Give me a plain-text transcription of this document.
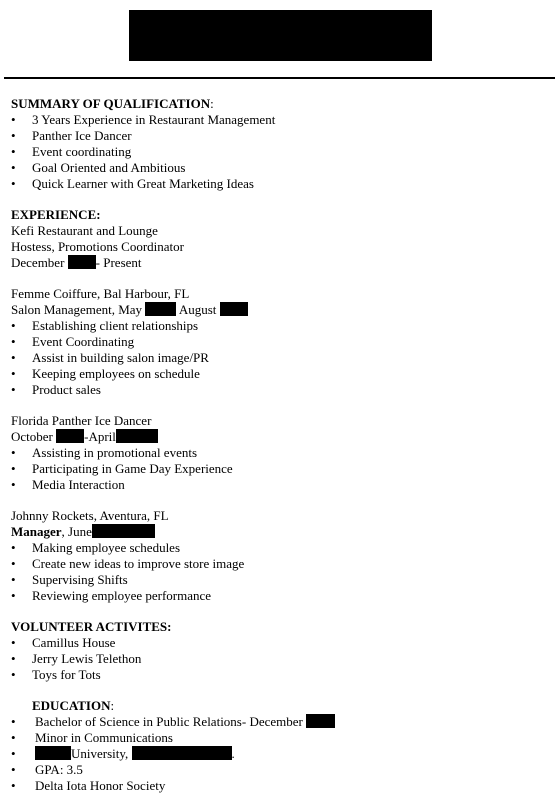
SUMMARY OF QUALIFICATION:
• 3 Years Experience in Restaurant Management
• Panther Ice Dancer
• Event coordinating
• Goal Oriented and Ambitious
• Quick Learner with Great Marketing Ideas
EXPERIENCE:
Kefi Restaurant and Lounge
Hostess, Promotions Coordinator
December - Present
Femme Coiffure, Bal Harbour, FL
Salon Management, May  August
• Establishing client relationships
• Event Coordinating
• Assist in building salon image/PR
• Keeping employees on schedule
• Product sales
Florida Panther Ice Dancer
October -April
• Assisting in promotional events
• Participating in Game Day Experience
• Media Interaction
Johnny Rockets, Aventura, FL
Manager, June
• Making employee schedules
• Create new ideas to improve store image
• Supervising Shifts
• Reviewing employee performance
VOLUNTEER ACTIVITES:
• Camillus House
• Jerry Lewis Telethon
• Toys for Tots
EDUCATION:
• Bachelor of Science in Public Relations- December
• Minor in Communications
• University,	.
• GPA: 3.5
• Delta Iota Honor Society
